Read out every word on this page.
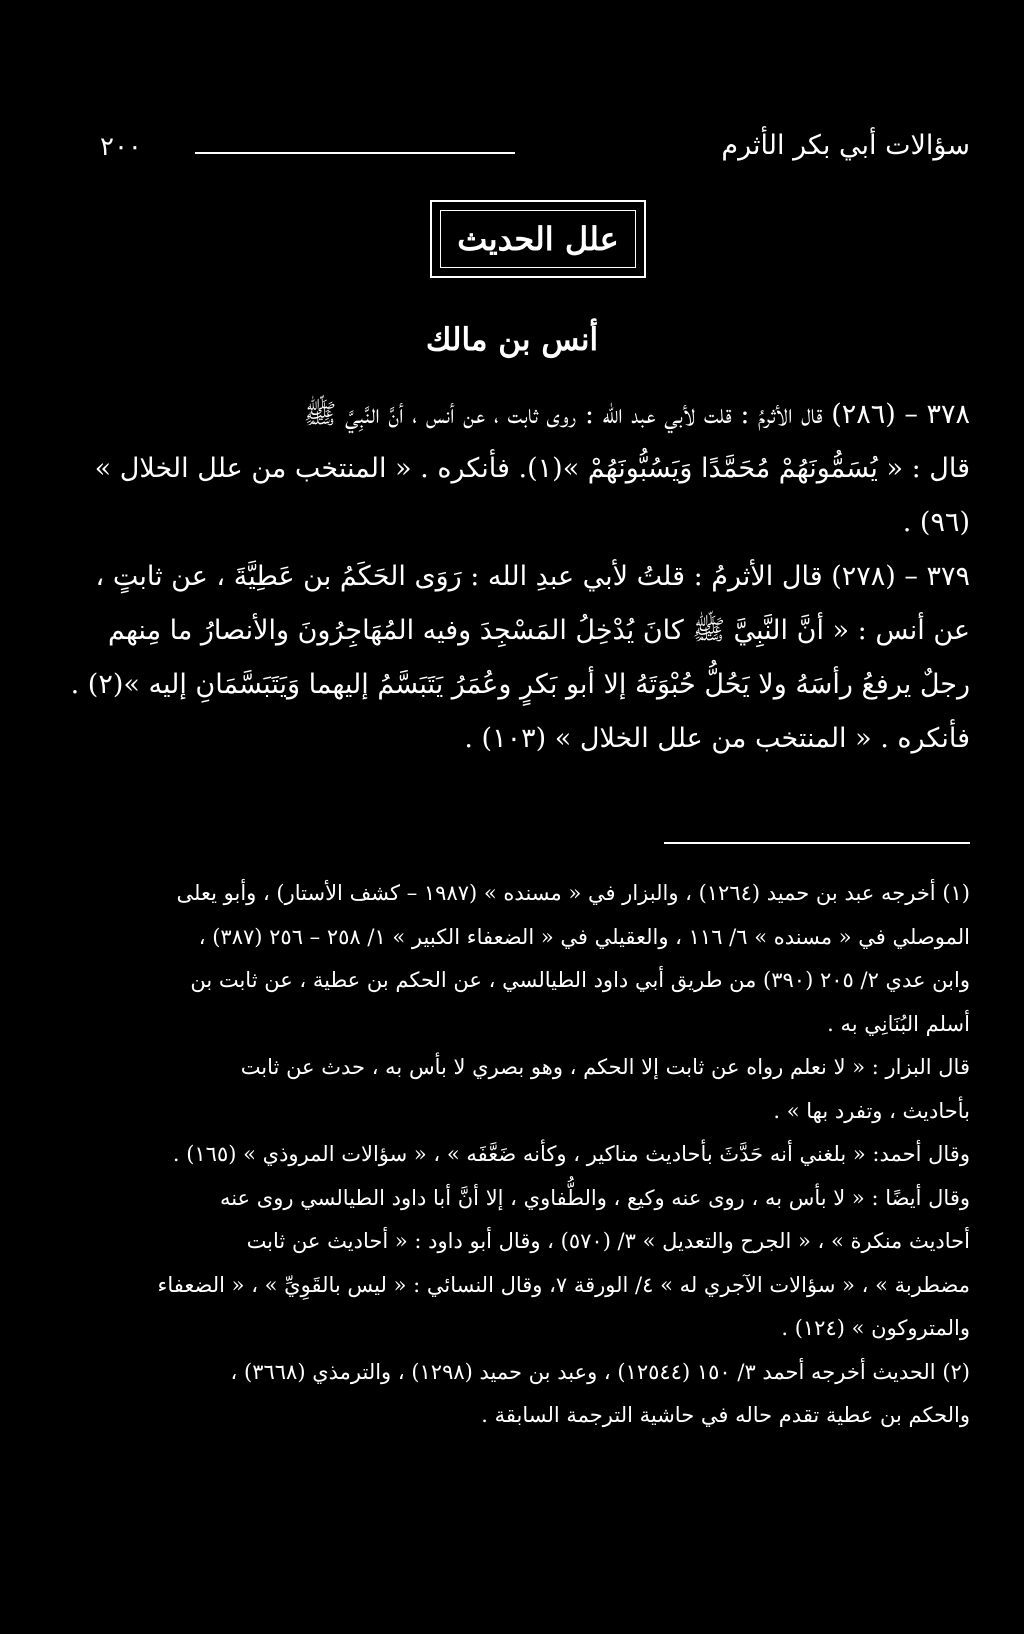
٢٠٠	سؤالات أبي بكر الأثرم
علل الحديث
أنس بن مالك

٣٧٨ – (٢٨٦) قال الأثرمُ : قلت لأبي عبد الله : روى ثابت ، عن أنس ، أنَّ النَّبِيَّ ﷺ

قال : « يُسَمُّونَهُمْ مُحَمَّدًا وَيَسُبُّونَهُمْ »(١). فأنكره . « المنتخب من علل الخلال »

(٩٦) .

٣٧٩ – (٢٧٨) قال الأثرمُ : قلتُ لأبي عبدِ الله : رَوَى الحَكَمُ بن عَطِيَّةَ ، عن ثابتٍ ،

عن أنس : « أنَّ النَّبِيَّ ﷺ كانَ يُدْخِلُ المَسْجِدَ وفيه المُهَاجِرُونَ والأنصارُ ما مِنهم

رجلٌ يرفعُ رأسَهُ ولا يَحُلُّ حُبْوَتَهُ إلا أبو بَكرٍ وعُمَرُ يَتَبَسَّمُ إليهما وَيَتَبَسَّمَانِ إليه »(٢) .

فأنكره . « المنتخب من علل الخلال » (١٠٣) .

(١) أخرجه عبد بن حميد (١٢٦٤) ، والبزار في « مسنده » (١٩٨٧ – كشف الأستار) ، وأبو يعلى

الموصلي في « مسنده » ٦/ ١١٦ ، والعقيلي في « الضعفاء الكبير » ١/ ٢٥٨ – ٢٥٦ (٣٨٧) ،

وابن عدي ٢/ ٢٠٥ (٣٩٠) من طريق أبي داود الطيالسي ، عن الحكم بن عطية ، عن ثابت بن

أسلم البُنَانِي به .

قال البزار : « لا نعلم رواه عن ثابت إلا الحكم ، وهو بصري لا بأس به ، حدث عن ثابت

بأحاديث ، وتفرد بها » .

وقال أحمد: « بلغني أنه حَدَّثَ بأحاديث مناكير ، وكأنه ضَعَّفَه » ، « سؤالات المروذي » (١٦٥) .

وقال أيضًا : « لا بأس به ، روى عنه وكيع ، والطُّفاوي ، إلا أنَّ أبا داود الطيالسي روى عنه

أحاديث منكرة » ، « الجرح والتعديل » ٣/ (٥٧٠) ، وقال أبو داود : « أحاديث عن ثابت

مضطربة » ، « سؤالات الآجري له » ٤/ الورقة ٧، وقال النسائي : « ليس بالقَوِيِّ » ، « الضعفاء

والمتروكون » (١٢٤) .

(٢) الحديث أخرجه أحمد ٣/ ١٥٠ (١٢٥٤٤) ، وعبد بن حميد (١٢٩٨) ، والترمذي (٣٦٦٨) ،

والحكم بن عطية تقدم حاله في حاشية الترجمة السابقة .
